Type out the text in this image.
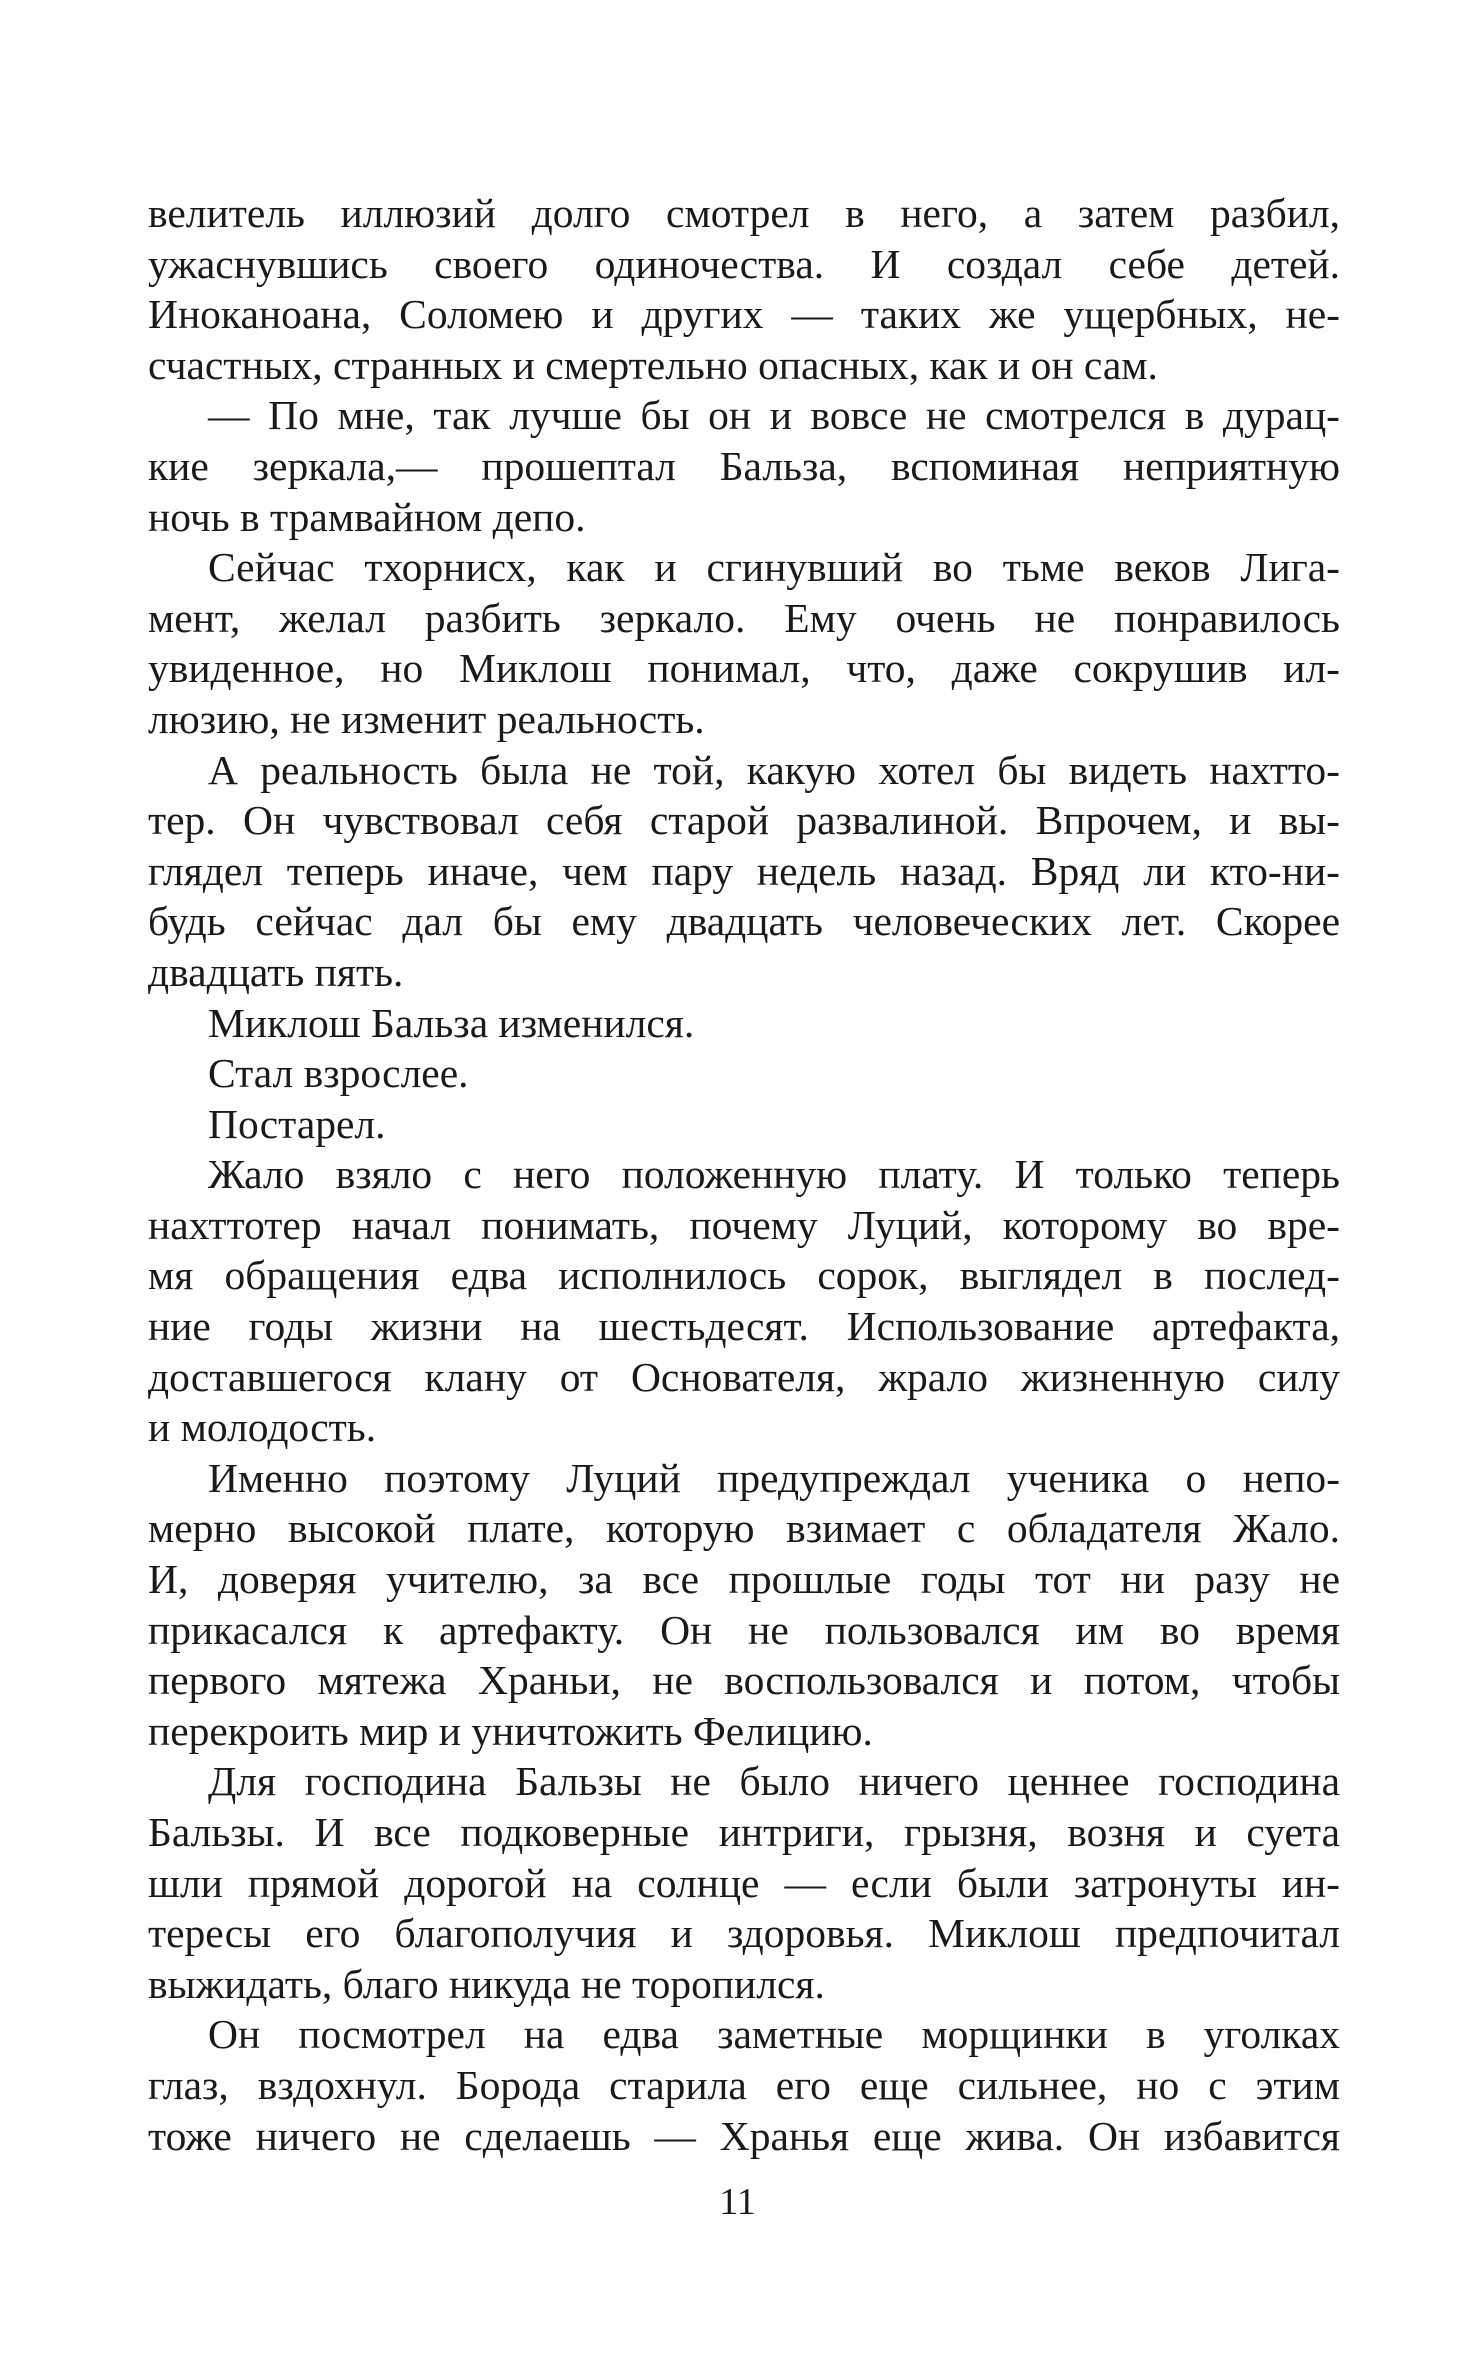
велитель иллюзий долго смотрел в него, а затем разбил,
ужаснувшись своего одиночества. И создал себе детей.
Инοканоана, Соломею и других — таких же ущербных, не-
счастных, странных и смертельно опасных, как и он сам.
— По мне, так лучше бы он и вовсе не смотрелся в дурац-
кие зеркала,— прошептал Бальза, вспоминая неприятную
ночь в трамвайном депо.
Сейчас тхорнисх, как и сгинувший во тьме веков Лига-
мент, желал разбить зеркало. Ему очень не понравилось
увиденное, но Миклош понимал, что, даже сокрушив ил-
люзию, не изменит реальность.
А реальность была не той, какую хотел бы видеть нахтто-
тер. Он чувствовал себя старой развалиной. Впрочем, и вы-
глядел теперь иначе, чем пару недель назад. Вряд ли кто-ни-
будь сейчас дал бы ему двадцать человеческих лет. Скорее
двадцать пять.
Миклош Бальза изменился.
Стал взрослее.
Постарел.
Жало взяло с него положенную плату. И только теперь
нахттотер начал понимать, почему Луций, которому во вре-
мя обращения едва исполнилось сорок, выглядел в послед-
ние годы жизни на шестьдесят. Использование артефакта,
доставшегося клану от Основателя, жрало жизненную силу
и молодость.
Именно поэтому Луций предупреждал ученика о непо-
мерно высокой плате, которую взимает с обладателя Жало.
И, доверяя учителю, за все прошлые годы тот ни разу не
прикасался к артефакту. Он не пользовался им во время
первого мятежа Храньи, не воспользовался и потом, чтобы
перекроить мир и уничтожить Фелицию.
Для господина Бальзы не было ничего ценнее господина
Бальзы. И все подковерные интриги, грызня, возня и суета
шли прямой дорогой на солнце — если были затронуты ин-
тересы его благополучия и здоровья. Миклош предпочитал
выжидать, благо никуда не торопился.
Он посмотрел на едва заметные морщинки в уголках
глаз, вздохнул. Борода старила его еще сильнее, но с этим
тоже ничего не сделаешь — Хранья еще жива. Он избавится
11
